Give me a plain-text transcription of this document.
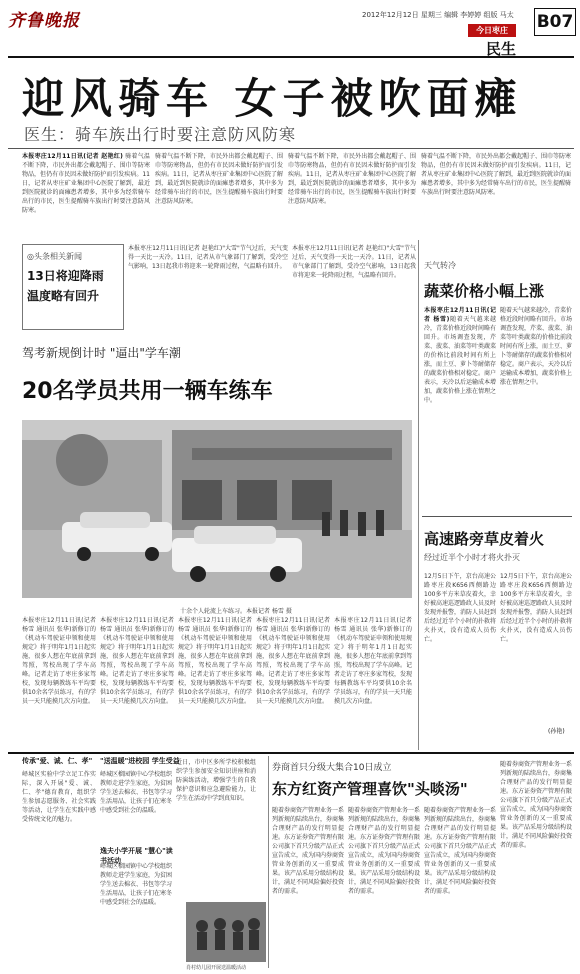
齐鲁晚报	2012年12月12日 星期三 编辑 李婷婷 组版 马太
今日枣庄	B07
民生
迎风骑车 女子被吹面瘫
医生：骑车族出行时要注意防风防寒
本报枣庄12月11日讯(记者 赵艳红) 骑着气温不断下降，市民外出都会戴起帽子、围巾等防寒物品，但仍有市民因未做好防护而引发疾病。11日，记者从枣庄矿业集团中心医院了解到，最近到医院就诊的面瘫患者增多，其中多为经常骑车出行的市民，医生提醒骑车族出行时要注意防风防寒。
骑着气温不断下降，市民外出都会戴起帽子、围巾等防寒物品，但仍有市民因未做好防护而引发疾病。11日，记者从枣庄矿业集团中心医院了解到，最近到医院就诊的面瘫患者增多，其中多为经常骑车出行的市民，医生提醒骑车族出行时要注意防风防寒。
骑着气温不断下降，市民外出都会戴起帽子、围巾等防寒物品，但仍有市民因未做好防护而引发疾病。11日，记者从枣庄矿业集团中心医院了解到，最近到医院就诊的面瘫患者增多，其中多为经常骑车出行的市民，医生提醒骑车族出行时要注意防风防寒。
骑着气温不断下降，市民外出都会戴起帽子、围巾等防寒物品，但仍有市民因未做好防护而引发疾病。11日，记者从枣庄矿业集团中心医院了解到，最近到医院就诊的面瘫患者增多，其中多为经常骑车出行的市民，医生提醒骑车族出行时要注意防风防寒。
◎头条相关新闻
13日将迎降雨 温度略有回升
本报枣庄12月11日讯(记者 赵艳红)"大雪"节气过后，天气变得一天比一天冷。11日，记者从市气象部门了解到，受冷空气影响，13日起我市将迎来一轮降雨过程，气温略有回升。
本报枣庄12月11日讯(记者 赵艳红)"大雪"节气过后，天气变得一天比一天冷。11日，记者从市气象部门了解到，受冷空气影响，13日起我市将迎来一轮降雨过程，气温略有回升。
驾考新规倒计时 "逼出"学车潮
20名学员共用一辆车练车
十余个人轮流上车练习。本报记者 杨雪 摄
本报枣庄12月11日讯(记者 杨雪 通讯员 张华)新修订的《机动车驾驶证申领和使用规定》将于明年1月1日起实施，很多人想在年底前拿到驾照，驾校出现了学车高峰。记者走访了枣庄多家驾校，发现每辆教练车平均要供10余名学员练习，有的学员一天只能摸几次方向盘。
本报枣庄12月11日讯(记者 杨雪 通讯员 张华)新修订的《机动车驾驶证申领和使用规定》将于明年1月1日起实施，很多人想在年底前拿到驾照，驾校出现了学车高峰。记者走访了枣庄多家驾校，发现每辆教练车平均要供10余名学员练习，有的学员一天只能摸几次方向盘。
本报枣庄12月11日讯(记者 杨雪 通讯员 张华)新修订的《机动车驾驶证申领和使用规定》将于明年1月1日起实施，很多人想在年底前拿到驾照，驾校出现了学车高峰。记者走访了枣庄多家驾校，发现每辆教练车平均要供10余名学员练习，有的学员一天只能摸几次方向盘。
本报枣庄12月11日讯(记者 杨雪 通讯员 张华)新修订的《机动车驾驶证申领和使用规定》将于明年1月1日起实施，很多人想在年底前拿到驾照，驾校出现了学车高峰。记者走访了枣庄多家驾校，发现每辆教练车平均要供10余名学员练习，有的学员一天只能摸几次方向盘。
本报枣庄12月11日讯(记者 杨雪 通讯员 张华)新修订的《机动车驾驶证申领和使用规定》将于明年1月1日起实施，很多人想在年底前拿到驾照，驾校出现了学车高峰。记者走访了枣庄多家驾校，发现每辆教练车平均要供10余名学员练习，有的学员一天只能摸几次方向盘。
天气转冷
蔬菜价格小幅上涨
本报枣庄12月11日讯(记者 杨雪)随着天气越来越冷，青菜价格近段时间略有回升。市场调查发现，芹菜、菠菜、油菜等叶类蔬菜的价格比前段时间有所上涨，而土豆、萝卜等耐储存的蔬菜价格相对稳定。商户表示，天冷以后运输成本增加，蔬菜价格上涨在情理之中。
随着天气越来越冷，青菜价格近段时间略有回升。市场调查发现，芹菜、菠菜、油菜等叶类蔬菜的价格比前段时间有所上涨，而土豆、萝卜等耐储存的蔬菜价格相对稳定。商户表示，天冷以后运输成本增加，蔬菜价格上涨在情理之中。
高速路旁草皮着火
经过近半个小时才将火扑灭
12月5日下午，京台高速公路枣庄段K656西侧路边100多平方米草皮着火，幸好被高速巡逻路政人员及时发现并报警，消防人员赶到后经过近半个小时的扑救将火扑灭，没有造成人员伤亡。
12月5日下午，京台高速公路枣庄段K656西侧路边100多平方米草皮着火，幸好被高速巡逻路政人员及时发现并报警，消防人员赶到后经过近半个小时的扑救将火扑灭，没有造成人员伤亡。
(孙艳)
传承"爱、诚、仁、孝"
峄城区实验中学立足工作实际，深入开展"爱、诚、仁、孝"德育教育，组织学生参加志愿服务、社会实践等活动，让学生在实践中感受传统文化的魅力。
"送温暖"进校园 学生受益
峄城区榴园镇中心学校组织教师走进学生家庭，为贫困学生送去棉衣、书包等学习生活用品，让孩子们在寒冬中感受到社会的温暖。
逸夫小学开展 "慧心"读书活动
峄城区榴园镇中心学校组织教师走进学生家庭，为贫困学生送去棉衣、书包等学习生活用品，让孩子们在寒冬中感受到社会的温暖。
近日，市中区多所学校积极组织学生参加安全知识讲座和消防演练活动，增强学生的自我保护意识和应急避险能力，让学生在活动中学到真知识。
肖村幼儿园开展送温暖活动
券商首只分级大集合10日成立
东方红资产管理喜饮"头啖汤"
随着券商资产管理业务一系列新规的陆续出台，券商集合理财产品的发行明显提速。东方证券资产管理有限公司旗下首只分级产品正式宣告成立，成为国内券商资管业务创新的又一重要成果。该产品采用分级结构设计，满足不同风险偏好投资者的需求。
随着券商资产管理业务一系列新规的陆续出台，券商集合理财产品的发行明显提速。东方证券资产管理有限公司旗下首只分级产品正式宣告成立，成为国内券商资管业务创新的又一重要成果。该产品采用分级结构设计，满足不同风险偏好投资者的需求。
随着券商资产管理业务一系列新规的陆续出台，券商集合理财产品的发行明显提速。东方证券资产管理有限公司旗下首只分级产品正式宣告成立，成为国内券商资管业务创新的又一重要成果。该产品采用分级结构设计，满足不同风险偏好投资者的需求。
随着券商资产管理业务一系列新规的陆续出台，券商集合理财产品的发行明显提速。东方证券资产管理有限公司旗下首只分级产品正式宣告成立，成为国内券商资管业务创新的又一重要成果。该产品采用分级结构设计，满足不同风险偏好投资者的需求。
